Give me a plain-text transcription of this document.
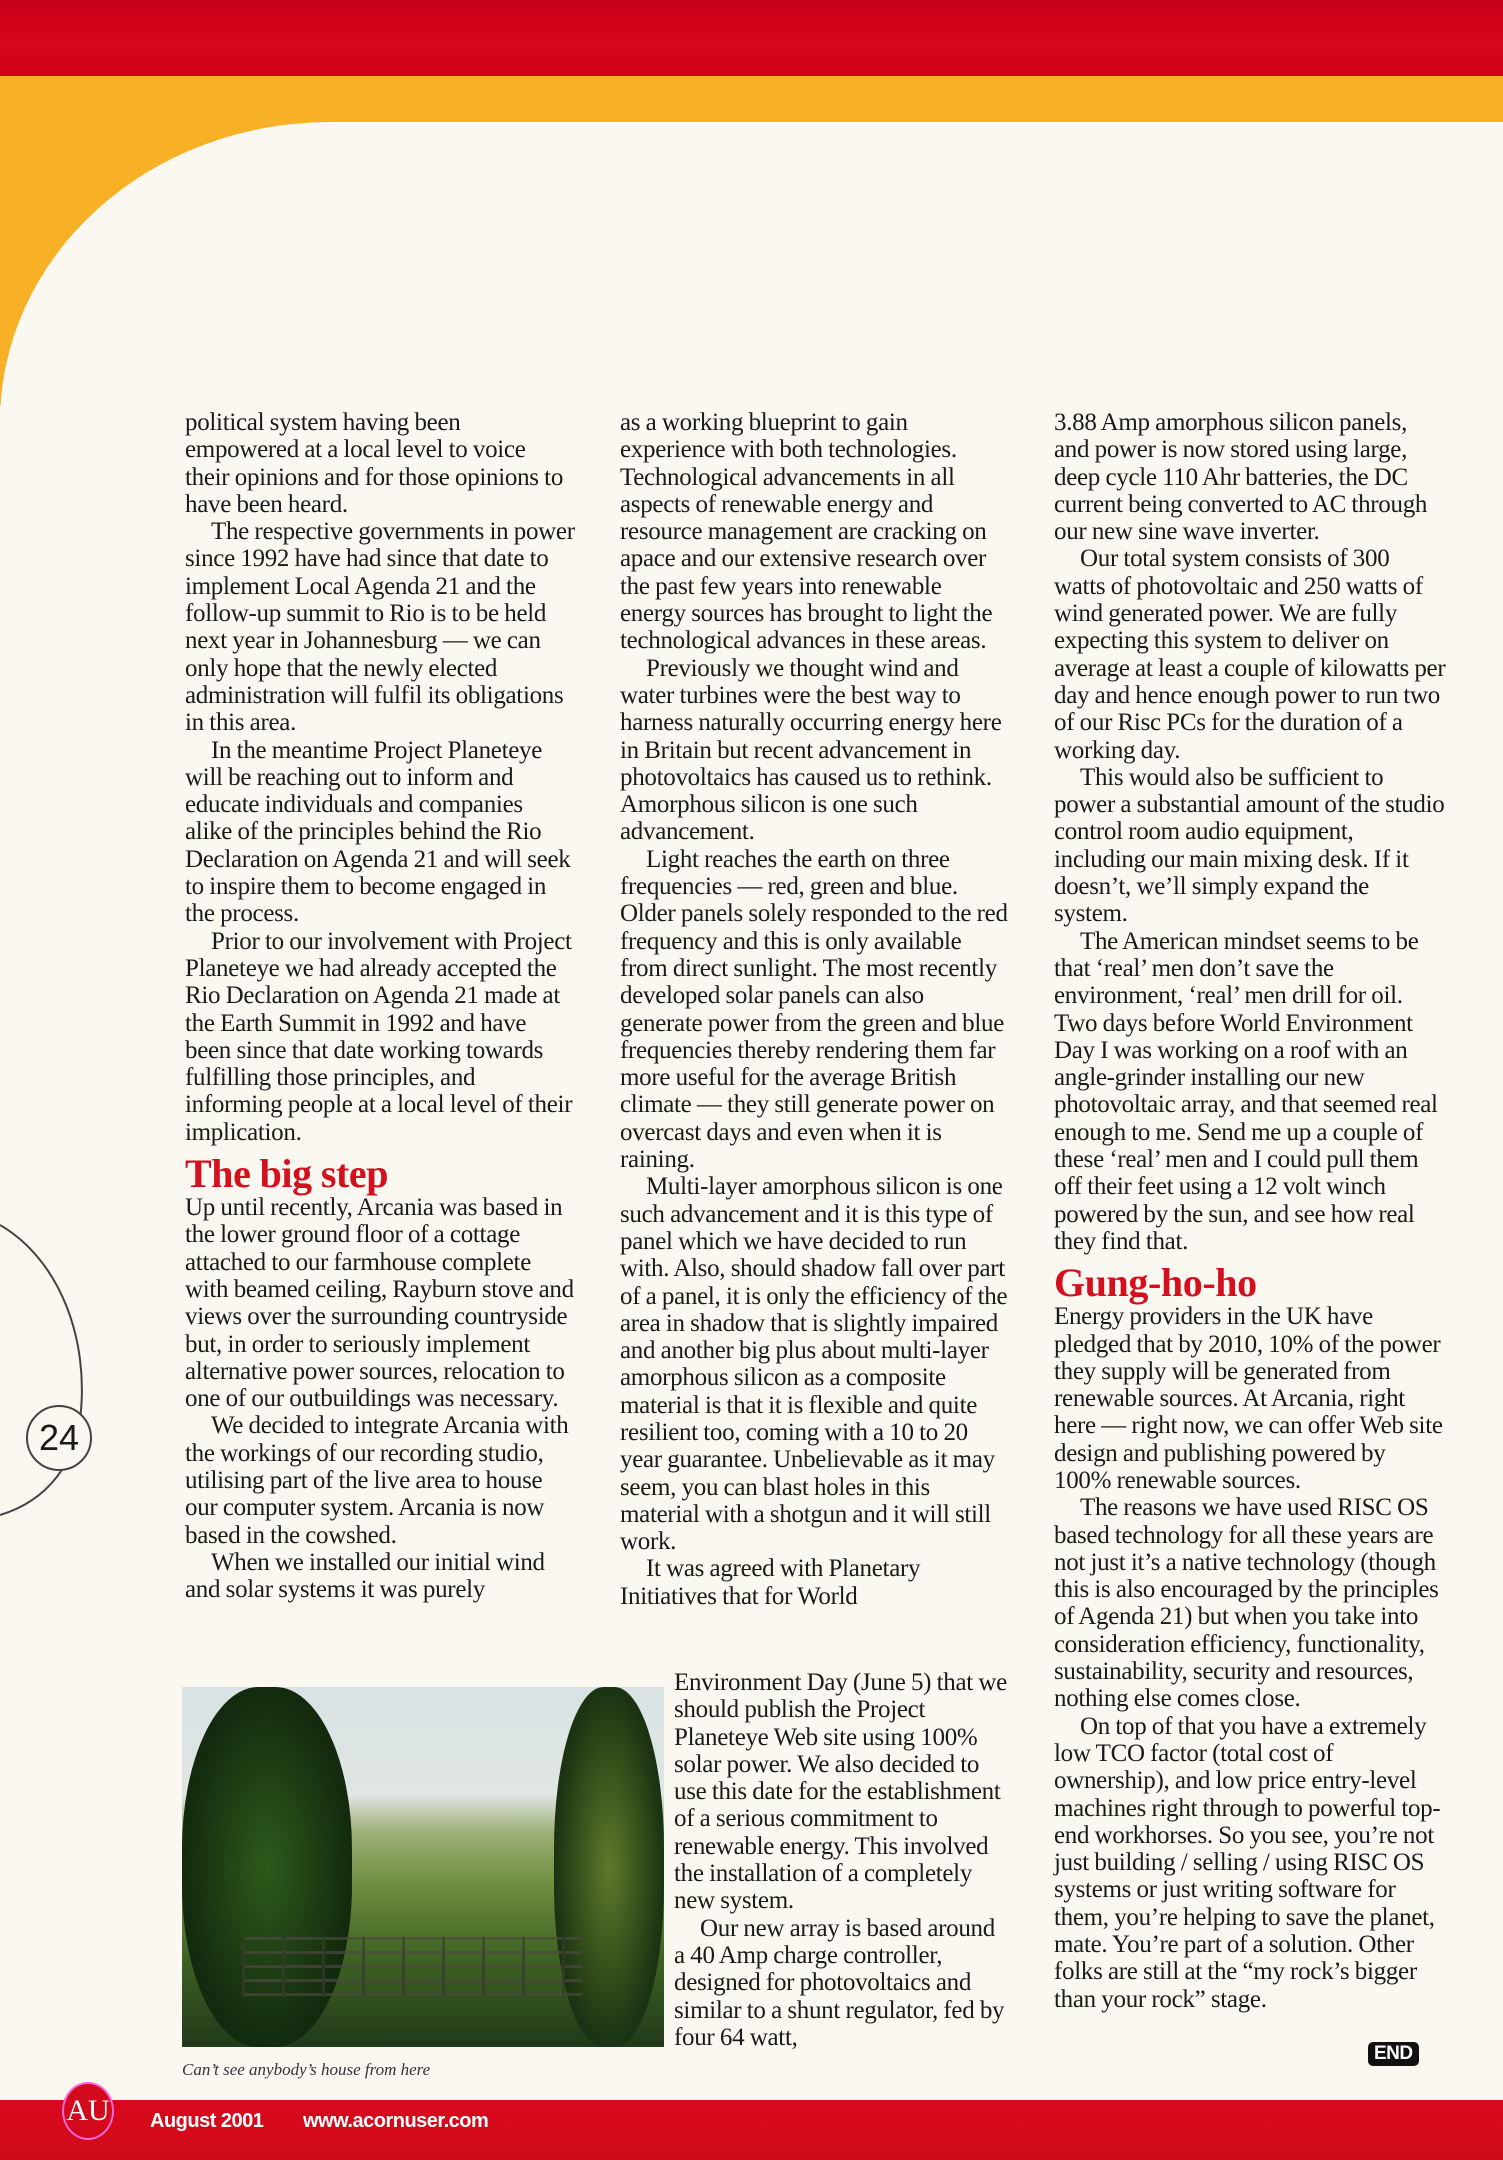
24

political system having been empowered at a local level to voice their opinions and for those opinions to have been heard.

The respective governments in power since 1992 have had since that date to implement Local Agenda 21 and the follow-up summit to Rio is to be held next year in Johannesburg — we can only hope that the newly elected administration will fulfil its obligations in this area.

In the meantime Project Planeteye will be reaching out to inform and educate individuals and companies alike of the principles behind the Rio Declaration on Agenda 21 and will seek to inspire them to become engaged in the process.

Prior to our involvement with Project Planeteye we had already accepted the Rio Declaration on Agenda 21 made at the Earth Summit in 1992 and have been since that date working towards fulfilling those principles, and informing people at a local level of their implication.

The big step

Up until recently, Arcania was based in the lower ground floor of a cottage attached to our farmhouse complete with beamed ceiling, Rayburn stove and views over the surrounding countryside but, in order to seriously implement alternative power sources, relocation to one of our outbuildings was necessary.

We decided to integrate Arcania with the workings of our recording studio, utilising part of the live area to house our computer system. Arcania is now based in the cowshed.

When we installed our initial wind and solar systems it was purely

as a working blueprint to gain experience with both technologies. Technological advancements in all aspects of renewable energy and resource management are cracking on apace and our extensive research over the past few years into renewable energy sources has brought to light the technological advances in these areas.

Previously we thought wind and water turbines were the best way to harness naturally occurring energy here in Britain but recent advancement in photovoltaics has caused us to rethink. Amorphous silicon is one such advancement.

Light reaches the earth on three frequencies — red, green and blue. Older panels solely responded to the red frequency and this is only available from direct sunlight. The most recently developed solar panels can also generate power from the green and blue frequencies thereby rendering them far more useful for the average British climate — they still generate power on overcast days and even when it is raining.

Multi-layer amorphous silicon is one such advancement and it is this type of panel which we have decided to run with. Also, should shadow fall over part of a panel, it is only the efficiency of the area in shadow that is slightly impaired and another big plus about multi-layer amorphous silicon as a composite material is that it is flexible and quite resilient too, coming with a 10 to 20 year guarantee. Unbelievable as it may seem, you can blast holes in this material with a shotgun and it will still work.

It was agreed with Planetary Initiatives that for World

Environment Day (June 5) that we should publish the Project Planeteye Web site using 100% solar power. We also decided to use this date for the establishment of a serious commitment to renewable energy. This involved the installation of a completely new system.

Our new array is based around a 40 Amp charge controller, designed for photovoltaics and similar to a shunt regulator, fed by four 64 watt,

3.88 Amp amorphous silicon panels, and power is now stored using large, deep cycle 110 Ahr batteries, the DC current being converted to AC through our new sine wave inverter.

Our total system consists of 300 watts of photovoltaic and 250 watts of wind generated power. We are fully expecting this system to deliver on average at least a couple of kilowatts per day and hence enough power to run two of our Risc PCs for the duration of a working day.

This would also be sufficient to power a substantial amount of the studio control room audio equipment, including our main mixing desk. If it doesn’t, we’ll simply expand the system.

The American mindset seems to be that ‘real’ men don’t save the environment, ‘real’ men drill for oil. Two days before World Environment Day I was working on a roof with an angle-grinder installing our new photovoltaic array, and that seemed real enough to me. Send me up a couple of these ‘real’ men and I could pull them off their feet using a 12 volt winch powered by the sun, and see how real they find that.

Gung-ho-ho

Energy providers in the UK have pledged that by 2010, 10% of the power they supply will be generated from renewable sources. At Arcania, right here — right now, we can offer Web site design and publishing powered by 100% renewable sources.

The reasons we have used RISC OS based technology for all these years are not just it’s a native technology (though this is also encouraged by the principles of Agenda 21) but when you take into consideration efficiency, functionality, sustainability, security and resources, nothing else comes close.

On top of that you have a extremely low TCO factor (total cost of ownership), and low price entry-level machines right through to powerful top-end workhorses. So you see, you’re not just building / selling / using RISC OS systems or just writing software for them, you’re helping to save the planet, mate. You’re part of a solution. Other folks are still at the “my rock’s bigger than your rock” stage.

END
Can’t see anybody’s house from here
AU August 2001 www.acornuser.com
